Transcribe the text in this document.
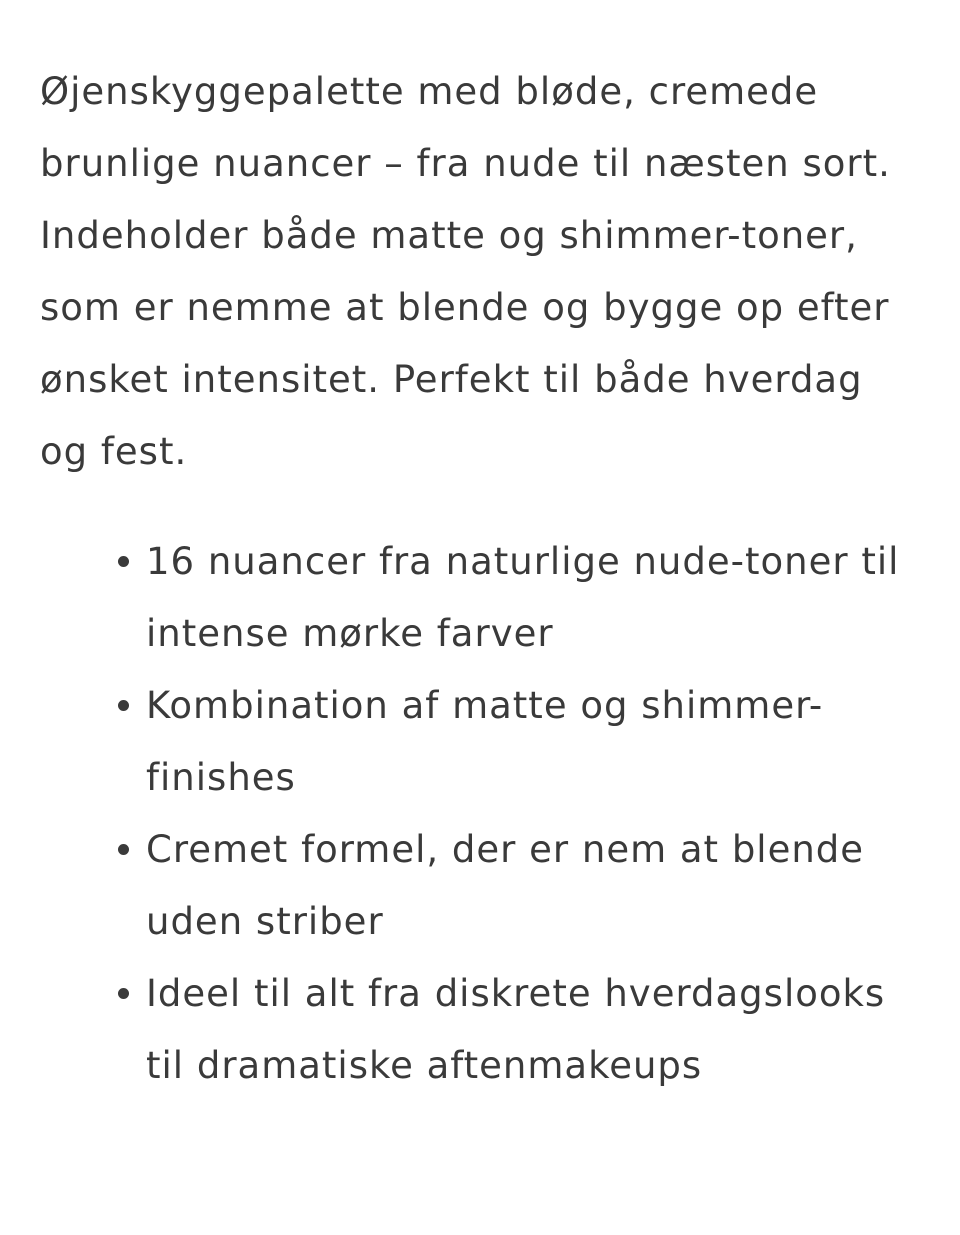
Øjenskyggepalette med bløde, cremede brunlige nuancer – fra nude til næsten sort. Indeholder både matte og shimmer-toner, som er nemme at blende og bygge op efter ønsket intensitet. Perfekt til både hverdag og fest.

16 nuancer fra naturlige nude-toner til intense mørke farver
Kombination af matte og shimmer-finishes
Cremet formel, der er nem at blende uden striber
Ideel til alt fra diskrete hverdagslooks til dramatiske aftenmakeups
